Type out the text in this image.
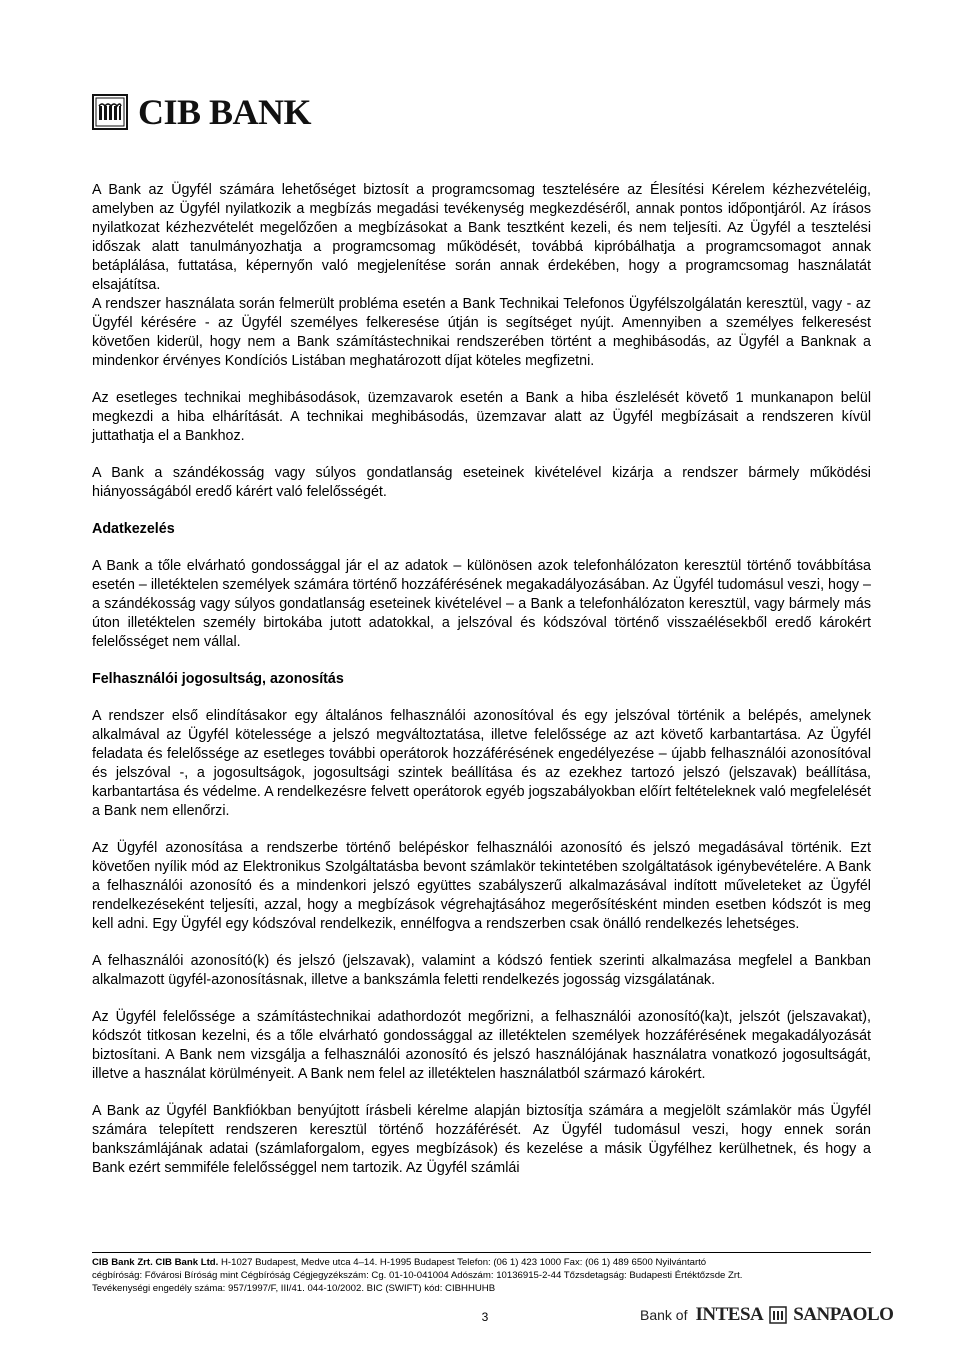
CIB BANK

A Bank az Ügyfél számára lehetőséget biztosít a programcsomag tesztelésére az Élesítési Kérelem kézhezvételéig, amelyben az Ügyfél nyilatkozik a megbízás megadási tevékenység megkezdéséről, annak pontos időpontjáról. Az írásos nyilatkozat kézhezvételét megelőzően a megbízásokat a Bank tesztként kezeli, és nem teljesíti. Az Ügyfél a tesztelési időszak alatt tanulmányozhatja a programcsomag működését, továbbá kipróbálhatja a programcsomagot annak betáplálása, futtatása, képernyőn való megjelenítése során annak érdekében, hogy a programcsomag használatát elsajátítsa.

A rendszer használata során felmerült probléma esetén a Bank Technikai Telefonos Ügyfélszolgálatán keresztül, vagy - az Ügyfél kérésére - az Ügyfél személyes felkeresése útján is segítséget nyújt. Amennyiben a személyes felkeresést követően kiderül, hogy nem a Bank számítástechnikai rendszerében történt a meghibásodás, az Ügyfél a Banknak a mindenkor érvényes Kondíciós Listában meghatározott díjat köteles megfizetni.

Az esetleges technikai meghibásodások, üzemzavarok esetén a Bank a hiba észlelését követő 1 munkanapon belül megkezdi a hiba elhárítását. A technikai meghibásodás, üzemzavar alatt az Ügyfél megbízásait a rendszeren kívül juttathatja el a Bankhoz.

A Bank a szándékosság vagy súlyos gondatlanság eseteinek kivételével kizárja a rendszer bármely működési hiányosságából eredő kárért való felelősségét.

Adatkezelés

A Bank a tőle elvárható gondossággal jár el az adatok – különösen azok telefonhálózaton keresztül történő továbbítása esetén – illetéktelen személyek számára történő hozzáférésének megakadályozásában. Az Ügyfél tudomásul veszi, hogy – a szándékosság vagy súlyos gondatlanság eseteinek kivételével – a Bank a telefonhálózaton keresztül, vagy bármely más úton illetéktelen személy birtokába jutott adatokkal, a jelszóval és kódszóval történő visszaélésekből eredő károkért felelősséget nem vállal.

Felhasználói jogosultság, azonosítás

A rendszer első elindításakor egy általános felhasználói azonosítóval és egy jelszóval történik a belépés, amelynek alkalmával az Ügyfél kötelessége a jelszó megváltoztatása, illetve felelőssége az azt követő karbantartása. Az Ügyfél feladata és felelőssége az esetleges további operátorok hozzáférésének engedélyezése – újabb felhasználói azonosítóval és jelszóval -, a jogosultságok, jogosultsági szintek beállítása és az ezekhez tartozó jelszó (jelszavak) beállítása, karbantartása és védelme. A rendelkezésre felvett operátorok egyéb jogszabályokban előírt feltételeknek való megfelelését a Bank nem ellenőrzi.

Az Ügyfél azonosítása a rendszerbe történő belépéskor felhasználói azonosító és jelszó megadásával történik. Ezt követően nyílik mód az Elektronikus Szolgáltatásba bevont számlakör tekintetében szolgáltatások igénybevételére. A Bank a felhasználói azonosító és a mindenkori jelszó együttes szabályszerű alkalmazásával indított műveleteket az Ügyfél rendelkezéseként teljesíti, azzal, hogy a megbízások végrehajtásához megerősítésként minden esetben kódszót is meg kell adni. Egy Ügyfél egy kódszóval rendelkezik, ennélfogva a rendszerben csak önálló rendelkezés lehetséges.

A felhasználói azonosító(k) és jelszó (jelszavak), valamint a kódszó fentiek szerinti alkalmazása megfelel a Bankban alkalmazott ügyfél-azonosításnak, illetve a bankszámla feletti rendelkezés jogosság vizsgálatának.

Az Ügyfél felelőssége a számítástechnikai adathordozót megőrizni, a felhasználói azonosító(ka)t, jelszót (jelszavakat), kódszót titkosan kezelni, és a tőle elvárható gondossággal az illetéktelen személyek hozzáférésének megakadályozását biztosítani. A Bank nem vizsgálja a felhasználói azonosító és jelszó használójának használatra vonatkozó jogosultságát, illetve a használat körülményeit. A Bank nem felel az illetéktelen használatból származó károkért.

A Bank az Ügyfél Bankfiókban benyújtott írásbeli kérelme alapján biztosítja számára a megjelölt számlakör más Ügyfél számára telepített rendszeren keresztül történő hozzáférését. Az Ügyfél tudomásul veszi, hogy ennek során bankszámlájának adatai (számlaforgalom, egyes megbízások) és kezelése a másik Ügyfélhez kerülhetnek, és hogy a Bank ezért semmiféle felelősséggel nem tartozik. Az Ügyfél számlái

CIB Bank Zrt. CIB Bank Ltd. H-1027 Budapest, Medve utca 4–14. H-1995 Budapest Telefon: (06 1) 423 1000 Fax: (06 1) 489 6500 Nyilvántartó
cégbíróság: Fővárosi Bíróság mint Cégbíróság Cégjegyzékszám: Cg. 01-10-041004 Adószám: 10136915-2-44 Tőzsdetagság: Budapesti Értéktőzsde Zrt.
Tevékenységi engedély száma: 957/1997/F, III/41. 044-10/2002. BIC (SWIFT) kód: CIBHHUHB
3	Bank of INTESA SANPAOLO
